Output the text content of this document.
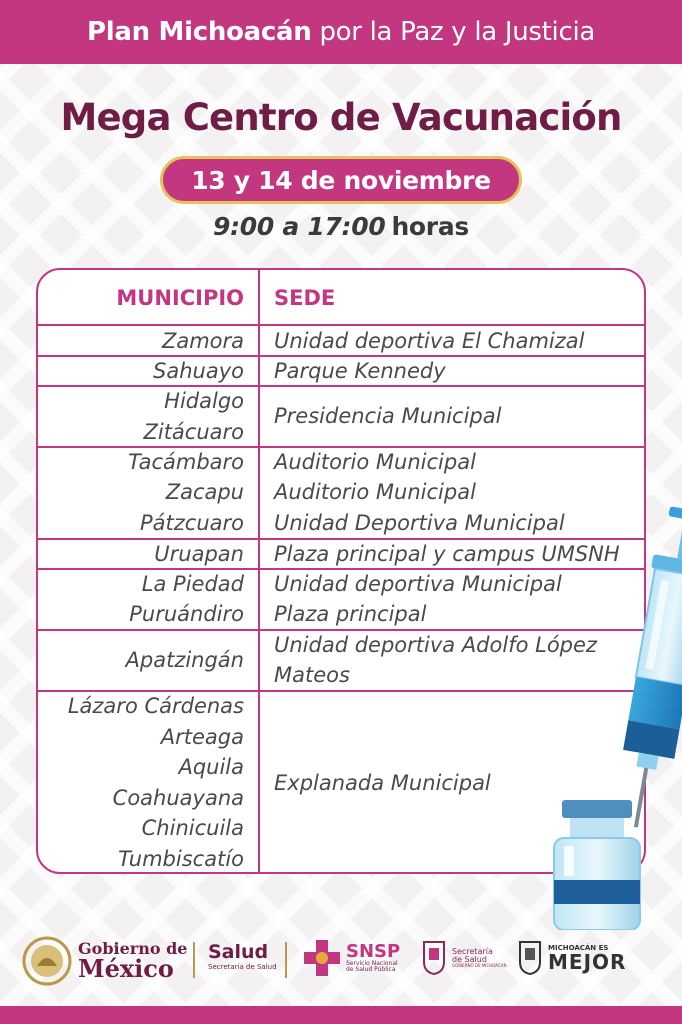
Plan Michoacán por la Paz y la Justicia
Mega Centro de Vacunación
13 y 14 de noviembre
9:00 a 17:00 horas
MUNICIPIO	SEDE
Zamora Unidad deportiva El Chamizal
Sahuayo Parque Kennedy
Hidalgo
Zitácuaro
Presidencia Municipal
Tacámbaro
Zacapu
Pátzcuaro
Auditorio Municipal
Auditorio Municipal
Unidad Deportiva Municipal
Uruapan Plaza principal y campus UMSNH
La Piedad
Puruándiro
Unidad deportiva Municipal
Plaza principal
Apatzingán
Unidad deportiva Adolfo López
Mateos
Lázaro Cárdenas
Arteaga
Aquila
Coahuayana
Chinicuila
Tumbiscatío
Explanada Municipal
Gobierno de
México
Salud
Secretaría de Salud
SNSP
Servicio Nacional
de Salud Pública
Secretaría
de Salud
GOBIERNO DE MICHOACÁN
MICHOACÁN ES
MEJOR
